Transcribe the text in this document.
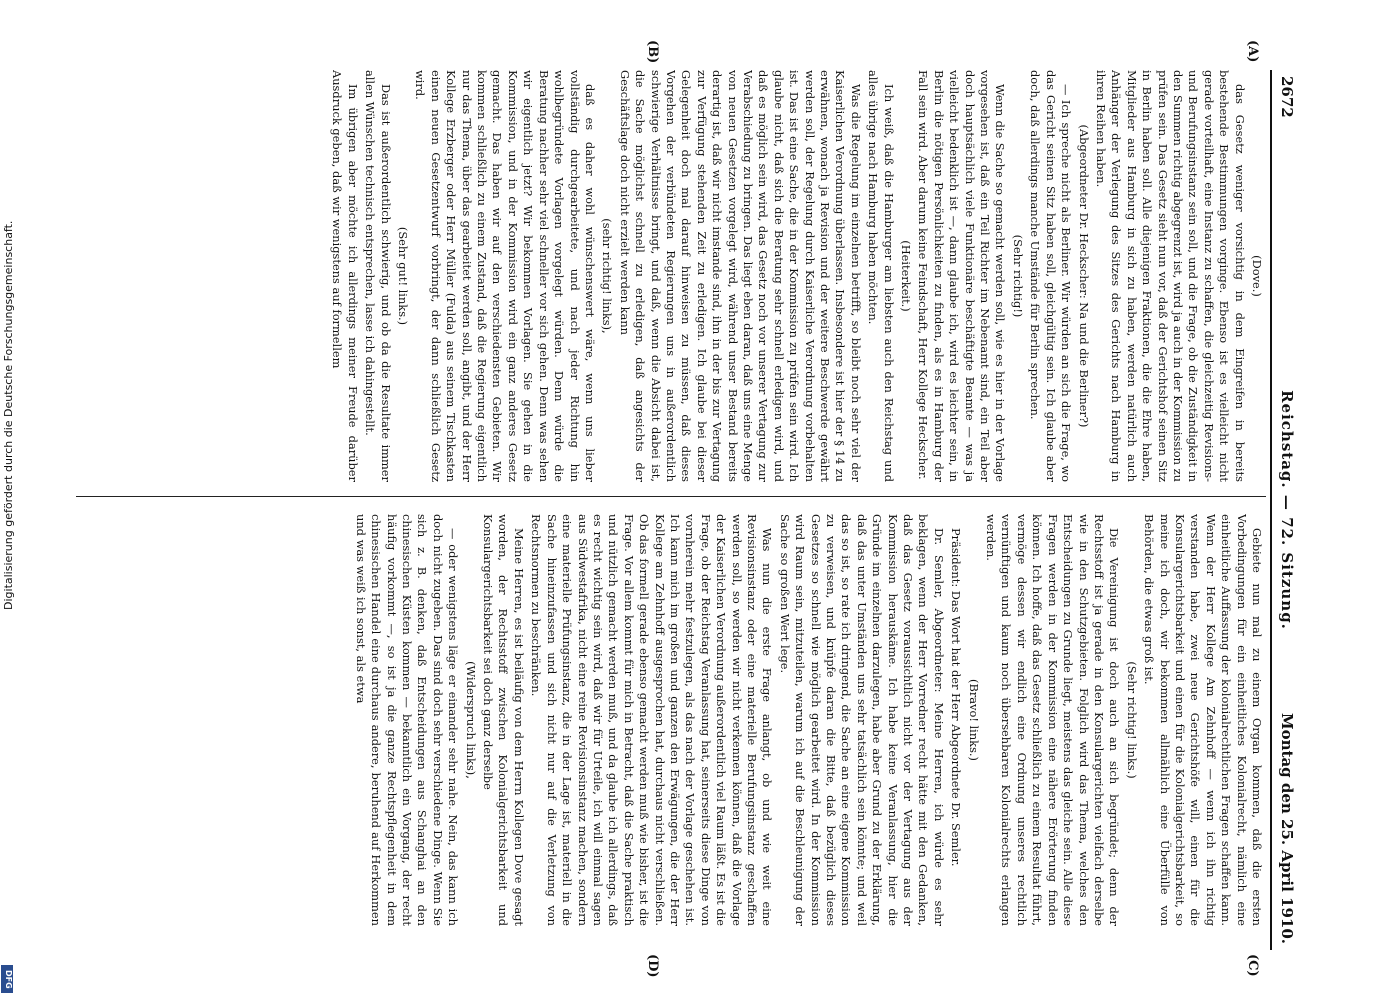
2672
Reichstag. — 72. Sitzung.
Montag den 25. April 1910.

(Dove.)

das Gesetz weniger vorsichtig in dem Eingreifen in bereits bestehende Bestimmungen vorginge. Ebenso ist es vielleicht nicht gerade vorteilhaft, eine Instanz zu schaffen, die gleichzeitig Revisions- und Berufungsinstanz sein soll, und die Frage, ob die Zuständigkeit in den Summen richtig abgegrenzt ist, wird ja auch in der Kommission zu prüfen sein. Das Gesetz sieht nun vor, daß der Gerichtshof seinen Sitz in Berlin haben soll. Alle diejenigen Fraktionen, die die Ehre haben, Mitglieder aus Hamburg in sich zu haben, werden natürlich auch Anhänger der Verlegung des Sitzes des Gerichts nach Hamburg in ihren Reihen haben.

(Abgeordneter Dr. Heckscher: Na und die Berliner?)

— Ich spreche nicht als Berliner. Wir würden an sich die Frage, wo das Gericht seinen Sitz haben soll, gleichgültig sein. Ich glaube aber doch, daß allerdings manche Umstände für Berlin sprechen.

(Sehr richtig!)

Wenn die Sache so gemacht werden soll, wie es hier in der Vorlage vorgesehen ist, daß ein Teil Richter im Nebenamt sind, ein Teil aber doch hauptsächlich viele Funktionäre beschäftigte Beamte — was ja vielleicht bedenklich ist —, dann glaube ich, wird es leichter sein, in Berlin die nötigen Persönlichkeiten zu finden, als es in Hamburg der Fall sein wird. Aber darum keine Feindschaft, Herr Kollege Heckscher.

(Heiterkeit.)

Ich weiß, daß die Hamburger am liebsten auch den Reichstag und alles übrige nach Hamburg haben möchten.

Was die Regelung im einzelnen betrifft, so bleibt noch sehr viel der Kaiserlichen Verordnung überlassen. Insbesondere ist hier der § 14 zu erwähnen, wonach ja Revision und der weitere Beschwerde gewährt werden soll, der Regelung durch Kaiserliche Verordnung vorbehalten ist. Das ist eine Sache, die in der Kommission zu prüfen sein wird. Ich glaube nicht, daß sich die Beratung sehr schnell erledigen wird, und daß es möglich sein wird, das Gesetz noch vor unserer Vertagung zur Verabschiedung zu bringen. Das liegt eben daran, daß uns eine Menge von neuen Gesetzen vorgelegt wird, während unser Bestand bereits derartig ist, daß wir nicht imstande sind, ihn in der bis zur Vertagung zur Verfügung stehenden Zeit zu erledigen. Ich glaube bei dieser Gelegenheit doch mal darauf hinweisen zu müssen, daß dieses Vorgehen der verbündeten Regierungen uns in außerordentlich schwierige Verhältnisse bringt, und daß, wenn die Absicht dabei ist, die Sache möglichst schnell zu erledigen, daß angesichts der Geschäftslage doch nicht erzielt werden kann

(sehr richtig! links),

daß es daher wohl wünschenswert wäre, wenn uns lieber vollständig durchgearbeitete, und nach jeder Richtung hin wohlbegründete Vorlagen vorgelegt würden. Denn würde die Beratung nachher sehr viel schneller vor sich gehen. Denn was sehen wir eigentlich jetzt? Wir bekommen Vorlagen. Sie gehen in die Kommission, und in der Kommission wird ein ganz anderes Gesetz gemacht. Das haben wir auf den verschiedensten Gebieten. Wir kommen schließlich zu einem Zustand, daß die Regierung eigentlich nur das Thema, über das gearbeitet werden soll, angibt, und der Herr Kollege Erzberger oder Herr Müller (Fulda) aus seinem Tischkasten einen neuen Gesetzentwurf vorbringt, der dann schließlich Gesetz wird.

(Sehr gut! links.)

Das ist außerordentlich schwierig, und ob da die Resultate immer allen Wünschen technisch entsprechen, lasse ich dahingestellt.

Im übrigen aber möchte ich allerdings meiner Freude darüber Ausdruck geben, daß wir wenigstens auf formellem

Gebiete nun mal zu einem Organ kommen, daß die ersten Vorbedingungen für ein einheitliches Kolonialrecht, nämlich eine einheitliche Auffassung der kolonialrechtlichen Fragen schaffen kann. Wenn der Herr Kollege Am Zehnhoff — wenn ich ihn richtig verstanden habe, zwei neue Gerichtshöfe will, einen für die Konsulargerichtsbarkeit und einen für die Kolonialgerichtsbarkeit, so meine ich doch, wir bekommen allmählich eine Überfülle von Behörden, die etwas groß ist.

(Sehr richtig! links.)

Die Vereinigung ist doch auch an sich begründet; denn der Rechtsstoff ist ja gerade in den Konsulargerichten vielfach derselbe wie in den Schutzgebieten. Folglich wird das Thema, welches den Entscheidungen zu Grunde liegt, meistens das gleiche sein. Alle diese Fragen werden in der Kommission eine nähere Erörterung finden können. Ich hoffe, daß das Gesetz schließlich zu einem Resultat führt, vermöge dessen wir endlich eine Ordnung unseres rechtlich vernünftigen und kaum noch übersehbaren Kolonialrechts erlangen werden.

(Bravo! links.)

Präsident: Das Wort hat der Herr Abgeordnete Dr. Semler.

Dr. Semler, Abgeordneter: Meine Herren, ich würde es sehr beklagen, wenn der Herr Vorredner recht hätte mit den Gedanken, daß das Gesetz voraussichtlich nicht vor der Vertagung aus der Kommission herauskäme. Ich habe keine Veranlassung, hier die Gründe im einzelnen darzulegen, habe aber Grund zu der Erklärung, daß das unter Umständen uns sehr tatsächlich sein könnte; und weil das so ist, so rate ich dringend, die Sache an eine eigene Kommission zu verweisen, und knüpfe daran die Bitte, daß bezüglich dieses Gesetzes so schnell wie möglich gearbeitet wird. In der Kommission wird Raum sein, mitzuteilen, warum ich auf die Beschleunigung der Sache so großen Wert lege.

Was nun die erste Frage anlangt, ob und wie weit eine Revisionsinstanz oder eine materielle Berufungsinstanz geschaffen werden soll, so werden wir nicht verkennen können, daß die Vorlage der Kaiserlichen Verordnung außerordentlich viel Raum läßt. Es ist die Frage, ob der Reichstag Veranlassung hat, seinerseits diese Dinge von vornherein mehr festzulegen, als das nach der Vorlage geschehen ist. Ich kann mich im großen und ganzen den Erwägungen, die der Herr Kollege am Zehnhoff ausgesprochen hat, durchaus nicht verschließen. Ob das formell gerade ebenso gemacht werden muß wie bisher, ist die Frage. Vor allem kommt für mich in Betracht, daß die Sache praktisch und nützlich gemacht werden muß, und da glaube ich allerdings, daß es recht wichtig sein wird, daß wir für Urteile, ich will einmal sagen aus Südwestafrika, nicht eine reine Revisionsinstanz machen, sondern eine materielle Prüfungsinstanz, die in der Lage ist, materiell in die Sache hineinzufassen und sich nicht nur auf die Verletzung von Rechtsnormen zu beschränken.

Meine Herren, es ist beiläufig von dem Herrn Kollegen Dove gesagt worden, der Rechtsstoff zwischen Kolonialgerichtsbarkeit und Konsulargerichtsbarkeit sei doch ganz derselbe

(Widerspruch links),

— oder wenigstens läge er einander sehr nahe. Nein, das kann ich doch nicht zugeben. Das sind doch sehr verschiedene Dinge. Wenn Sie sich z. B. denken, daß Entscheidungen aus Schanghai an den chinesischen Küsten kommen — bekanntlich ein Vorgang, der recht häufig vorkommt —, so ist ja die ganze Rechtspflegenheit in dem chinesischen Handel eine durchaus andere, beruhend auf Herkommen und was weiß ich sonst, als etwa

(A)
(B)
(C)
(D)
Digitalisierung gefördert durch die Deutsche Forschungsgemeinschaft.
DFG
